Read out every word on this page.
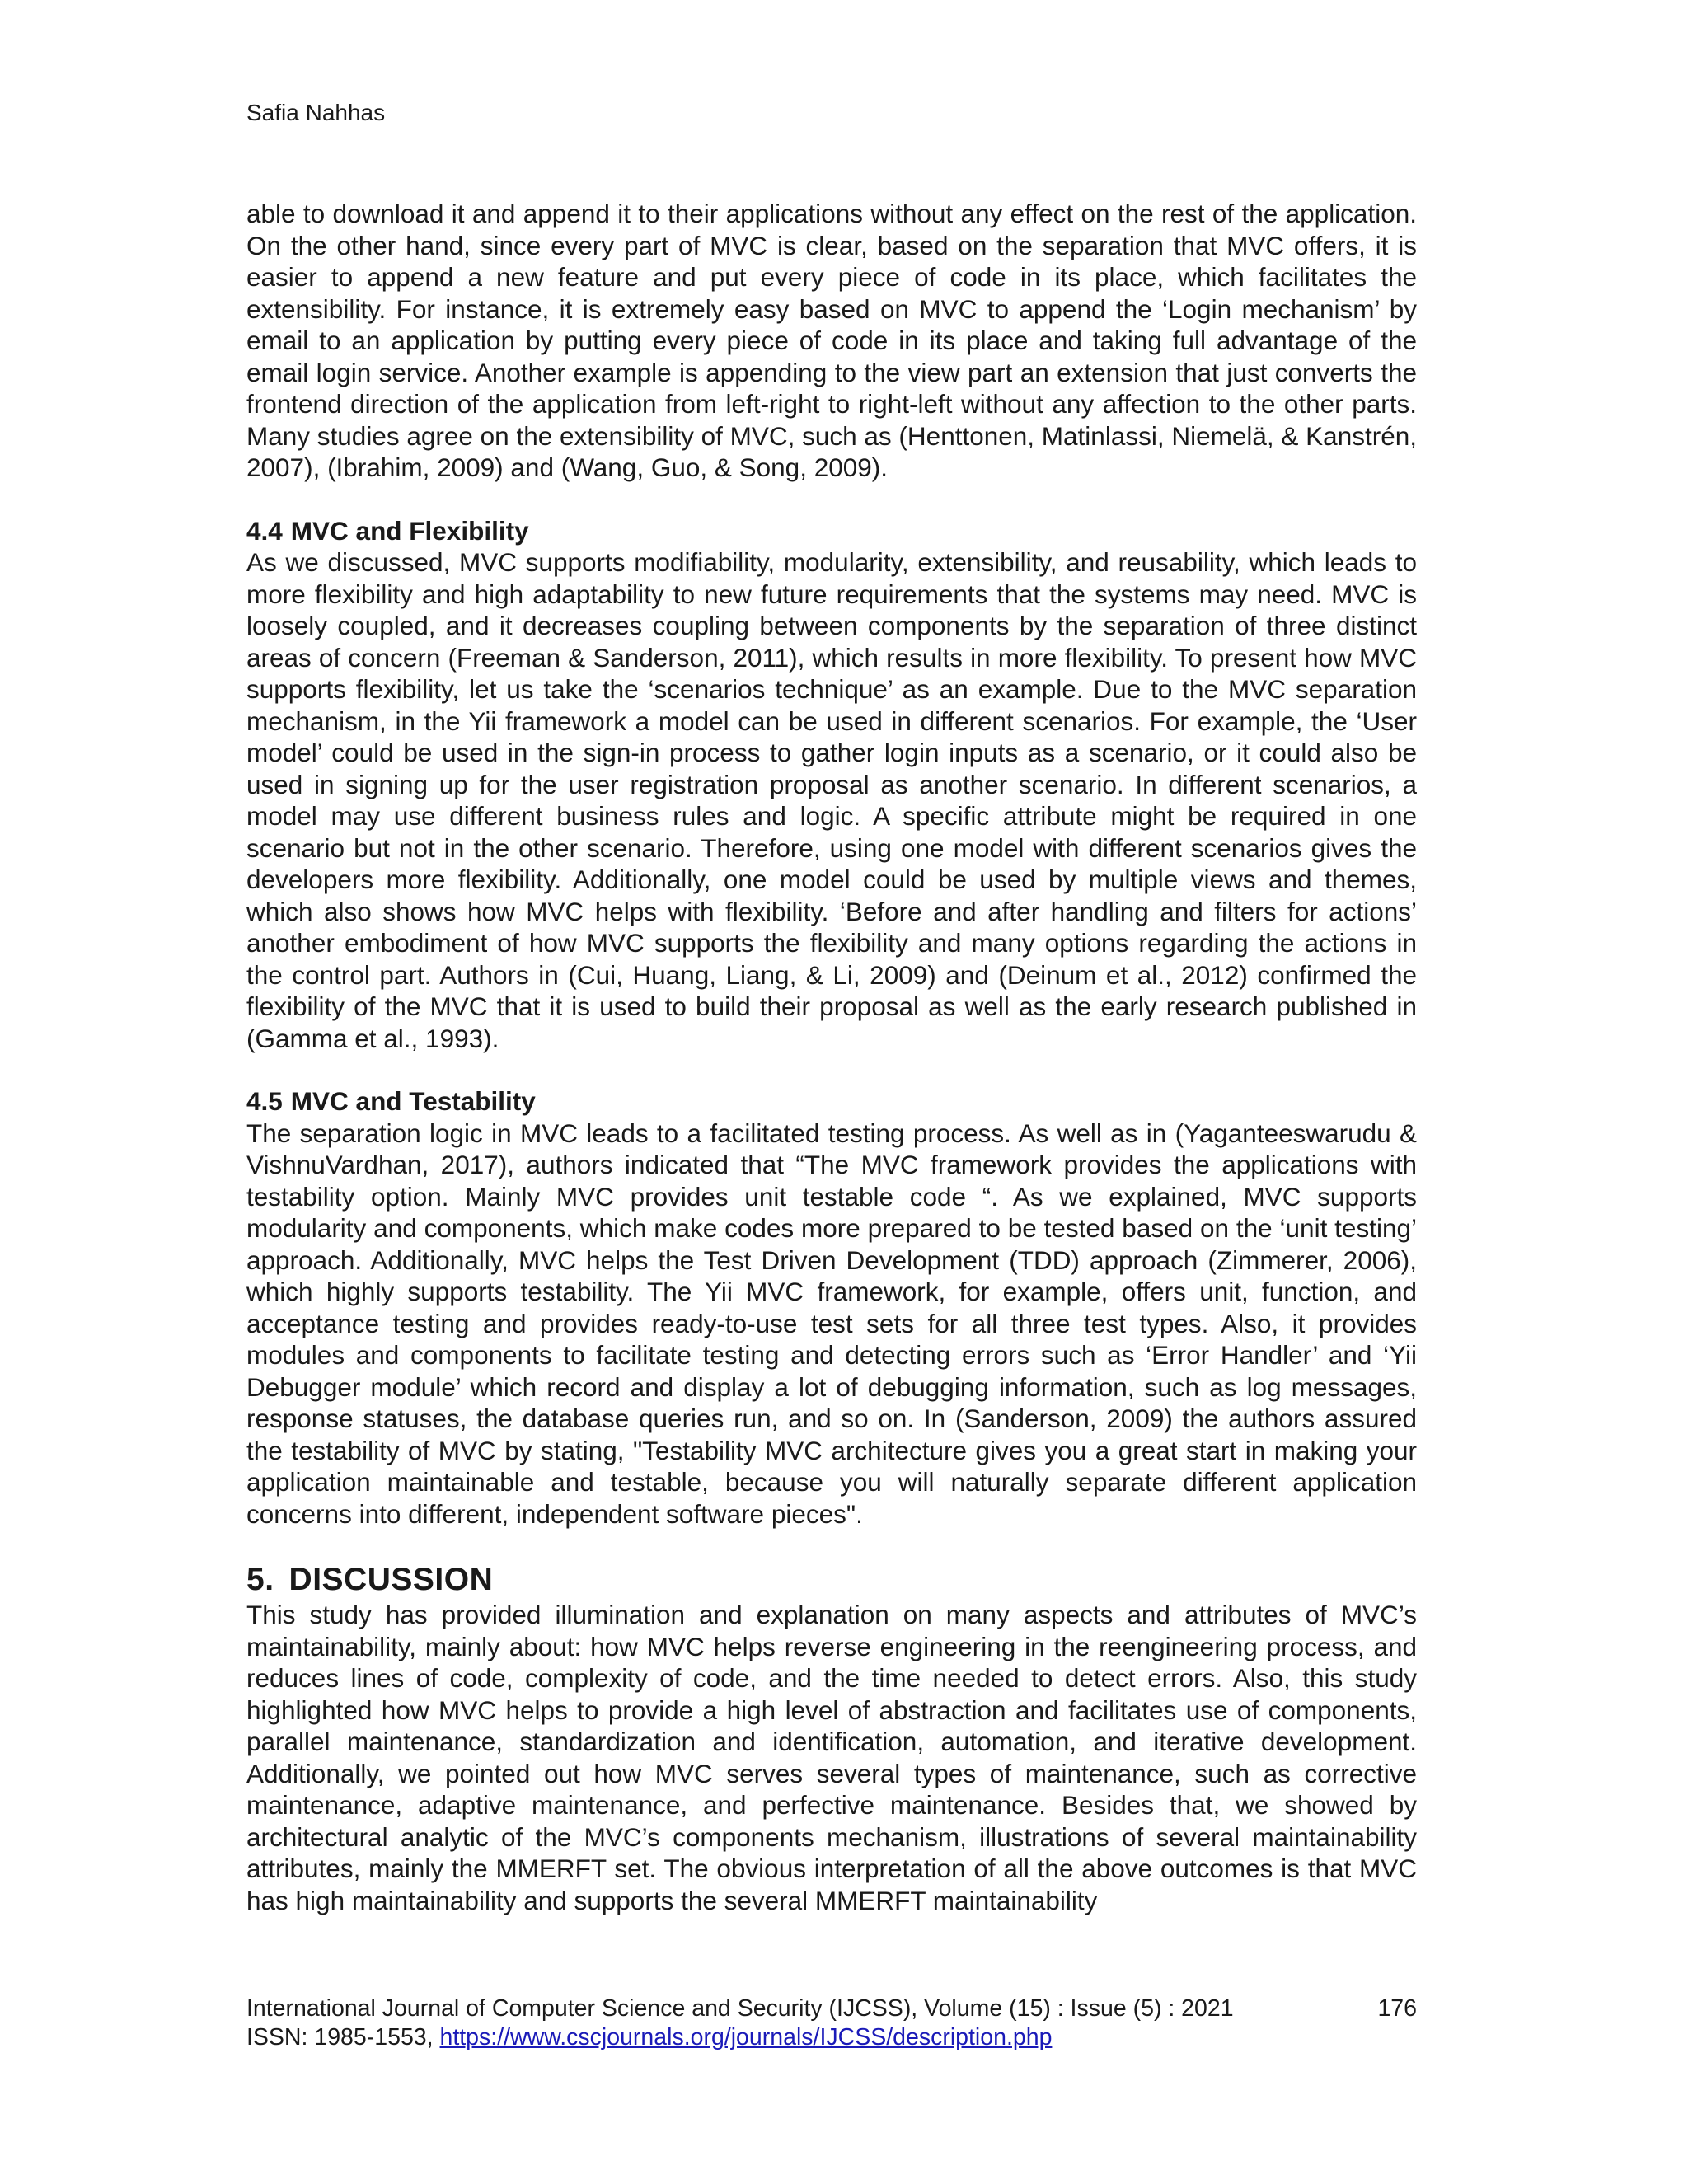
Safia Nahhas

able to download it and append it to their applications without any effect on the rest of the application. On the other hand, since every part of MVC is clear, based on the separation that MVC offers, it is easier to append a new feature and put every piece of code in its place, which facilitates the extensibility. For instance, it is extremely easy based on MVC to append the ‘Login mechanism’ by email to an application by putting every piece of code in its place and taking full advantage of the email login service. Another example is appending to the view part an extension that just converts the frontend direction of the application from left-right to right-left without any affection to the other parts. Many studies agree on the extensibility of MVC, such as (Henttonen, Matinlassi, Niemelä, & Kanstrén, 2007), (Ibrahim, 2009) and (Wang, Guo, & Song, 2009).

4.4 MVC and Flexibility

As we discussed, MVC supports modifiability, modularity, extensibility, and reusability, which leads to more flexibility and high adaptability to new future requirements that the systems may need. MVC is loosely coupled, and it decreases coupling between components by the separation of three distinct areas of concern (Freeman & Sanderson, 2011), which results in more flexibility. To present how MVC supports flexibility, let us take the ‘scenarios technique’ as an example. Due to the MVC separation mechanism, in the Yii framework a model can be used in different scenarios. For example, the ‘User model’ could be used in the sign-in process to gather login inputs as a scenario, or it could also be used in signing up for the user registration proposal as another scenario. In different scenarios, a model may use different business rules and logic. A specific attribute might be required in one scenario but not in the other scenario. Therefore, using one model with different scenarios gives the developers more flexibility. Additionally, one model could be used by multiple views and themes, which also shows how MVC helps with flexibility. ‘Before and after handling and filters for actions’ another embodiment of how MVC supports the flexibility and many options regarding the actions in the control part. Authors in (Cui, Huang, Liang, & Li, 2009) and (Deinum et al., 2012) confirmed the flexibility of the MVC that it is used to build their proposal as well as the early research published in (Gamma et al., 1993).

4.5 MVC and Testability

The separation logic in MVC leads to a facilitated testing process. As well as in (Yaganteeswarudu & VishnuVardhan, 2017), authors indicated that “The MVC framework provides the applications with testability option. Mainly MVC provides unit testable code “. As we explained, MVC supports modularity and components, which make codes more prepared to be tested based on the ‘unit testing’ approach. Additionally, MVC helps the Test Driven Development (TDD) approach (Zimmerer, 2006), which highly supports testability. The Yii MVC framework, for example, offers unit, function, and acceptance testing and provides ready-to-use test sets for all three test types. Also, it provides modules and components to facilitate testing and detecting errors such as ‘Error Handler’ and ‘Yii Debugger module’ which record and display a lot of debugging information, such as log messages, response statuses, the database queries run, and so on. In (Sanderson, 2009) the authors assured the testability of MVC by stating, "Testability MVC architecture gives you a great start in making your application maintainable and testable, because you will naturally separate different application concerns into different, independent software pieces".

5. DISCUSSION

This study has provided illumination and explanation on many aspects and attributes of MVC’s maintainability, mainly about: how MVC helps reverse engineering in the reengineering process, and reduces lines of code, complexity of code, and the time needed to detect errors. Also, this study highlighted how MVC helps to provide a high level of abstraction and facilitates use of components, parallel maintenance, standardization and identification, automation, and iterative development. Additionally, we pointed out how MVC serves several types of maintenance, such as corrective maintenance, adaptive maintenance, and perfective maintenance. Besides that, we showed by architectural analytic of the MVC’s components mechanism, illustrations of several maintainability attributes, mainly the MMERFT set. The obvious interpretation of all the above outcomes is that MVC has high maintainability and supports the several MMERFT maintainability

International Journal of Computer Science and Security (IJCSS), Volume (15) : Issue (5) : 2021	176
ISSN: 1985-1553, https://www.cscjournals.org/journals/IJCSS/description.php
